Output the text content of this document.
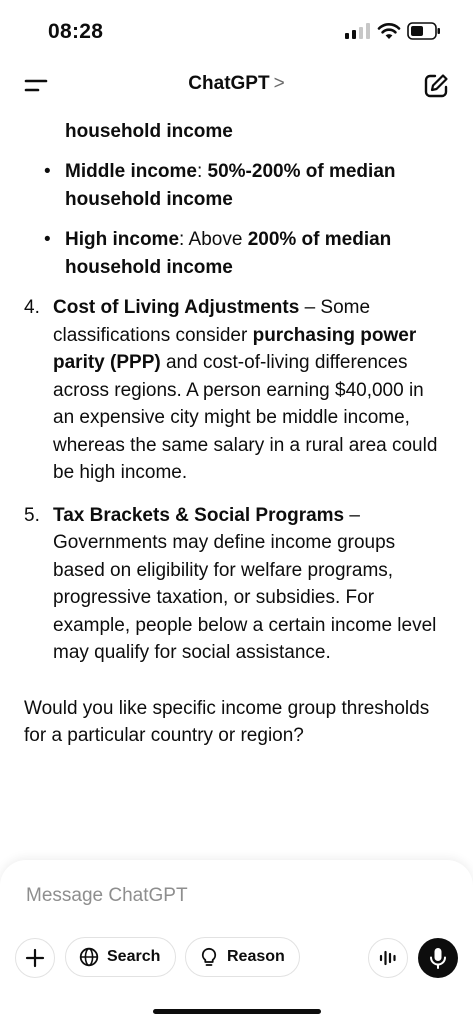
08:28
ChatGPT >
household income
• Middle income: 50%-200% of median household income
• High income: Above 200% of median household income
4. Cost of Living Adjustments – Some classifications consider purchasing power parity (PPP) and cost-of-living differences across regions. A person earning $40,000 in an expensive city might be middle income, whereas the same salary in a rural area could be high income.
5. Tax Brackets & Social Programs – Governments may define income groups based on eligibility for welfare programs, progressive taxation, or subsidies. For example, people below a certain income level may qualify for social assistance.
Would you like specific income group thresholds for a particular country or region?
Message ChatGPT
Search	Reason
